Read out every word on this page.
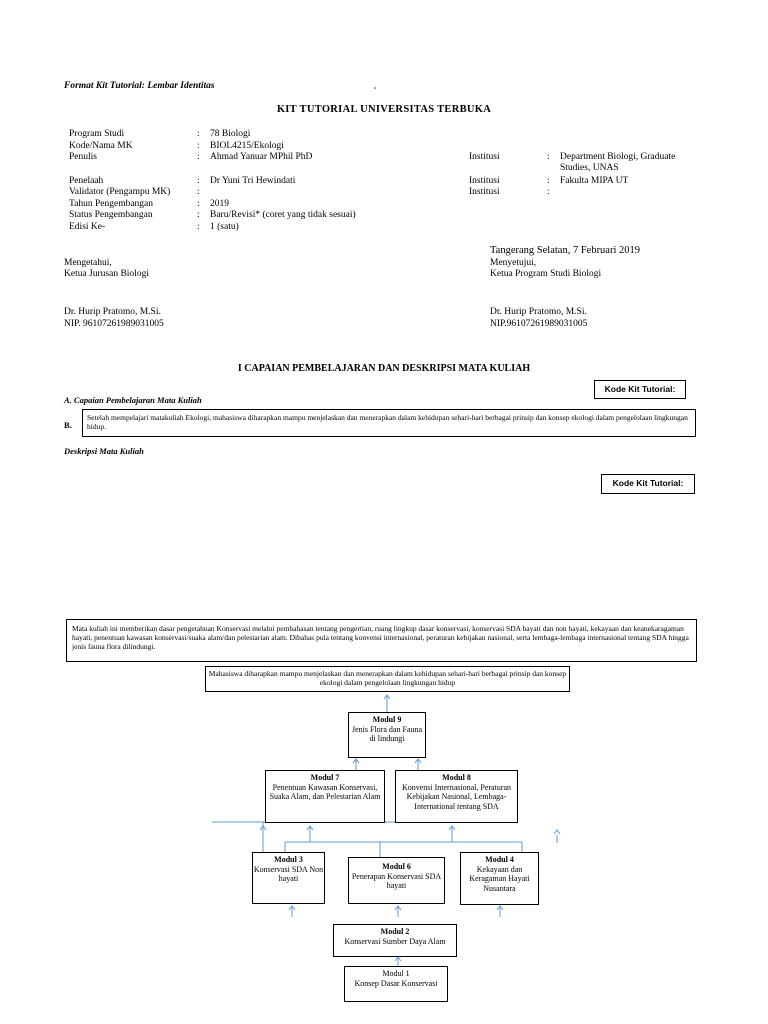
Format Kit Tutorial: Lembar Identitas	°
KIT TUTORIAL UNIVERSITAS TERBUKA
Program Studi	: 78 Biologi
Kode/Nama MK	: BIOL4215/Ekologi
Penulis	: Ahmad Yanuar MPhil PhD	Institusi	: Department Biologi, Graduate Studies, UNAS
Penelaah	: Dr Yuni Tri Hewindati	Institusi	: Fakulta MIPA UT
Validator (Pengampu MK)	:	Institusi	:
Tahun Pengembangan	: 2019
Status Pengembangan	: Baru/Revisi* (coret yang tidak sesuai)
Edisi Ke-	: 1 (satu)
Tangerang Selatan, 7 Februari 2019
Mengetahui,
Ketua Jurusan Biologi
Menyetujui,
Ketua Program Studi Biologi
Dr. Hurip Pratomo, M.Si.
NIP. 96107261989031005
Dr. Hurip Pratomo, M.Si.
NIP.96107261989031005
I CAPAIAN PEMBELAJARAN DAN DESKRIPSI MATA KULIAH
Kode Kit Tutorial:
A. Capaian Pembelajaran Mata Kuliah
B.
Setelah mempelajari matakuliah Ekologi, mahasiswa diharapkan mampu menjelaskan dan menerapkan dalam kehidupan sehari-hari berbagai prinsip dan konsep ekologi dalam pengelolaan lingkungan hidup.
Deskripsi Mata Kuliah
Kode Kit Tutorial:
Mata kuliah ini memberikan dasar pengetahuan Konservasi melalui pembahasan tentang pengertian, ruang lingkup dasar konservasi, konservasi SDA hayati dan non hayati, kekayaan dan keanekaragaman hayati, penentuan kawasan konservasi/suaka alam/dan pelestarian alam. Dibahas pula tentang konvensi internasional, peraturan kebijakan nasional, serta lembaga-lembaga internasional tentang SDA hingga jenis fauna flora dilindungi.
Mahasiswa diharapkan mampu menjelaskan dan menerapkan dalam kehidupan sehari-hari berbagai prinsip dan konsep ekologi dalam pengelolaan lingkungan hidup
Modul 9
Jenis Flora dan Fauna di lindungi
Modul 7
Penentuan Kawasan Konservasi, Suaka Alam, dan Pelestarian Alam
Modul 8
Konvensi Internasional, Peraturan Kebijakan Nasional, Lembaga-International tentang SDA
Modul 3
Konservasi SDA Non hayati
Modul 6
Penerapan Konservasi SDA hayati
Modul 4
Kekayaan dan Keragaman Hayati Nusantara
Modul 2
Konservasi Sumber Daya Alam
Modul 1
Konsep Dasar Konservasi
